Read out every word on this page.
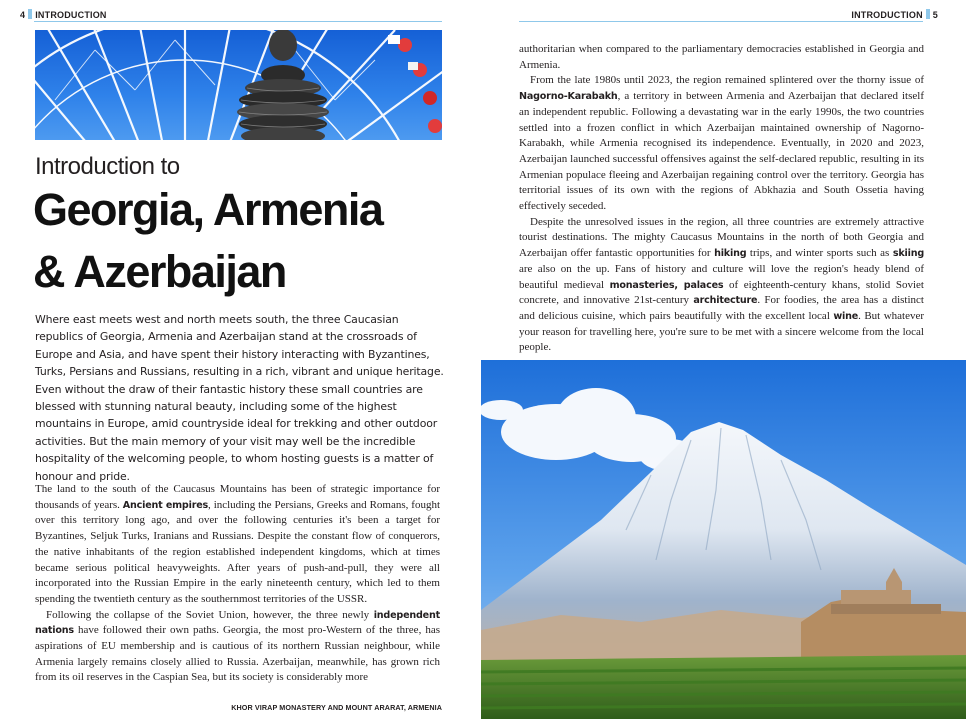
4 INTRODUCTION	INTRODUCTION 5
Introduction to
Georgia, Armenia
& Azerbaijan
Where east meets west and north meets south, the three Caucasian republics of Georgia, Armenia and Azerbaijan stand at the crossroads of Europe and Asia, and have spent their history interacting with Byzantines, Turks, Persians and Russians, resulting in a rich, vibrant and unique heritage. Even without the draw of their fantastic history these small countries are blessed with stunning natural beauty, including some of the highest mountains in Europe, amid countryside ideal for trekking and other outdoor activities. But the main memory of your visit may well be the incredible hospitality of the welcoming people, to whom hosting guests is a matter of honour and pride.

The land to the south of the Caucasus Mountains has been of strategic importance for thousands of years. Ancient empires, including the Persians, Greeks and Romans, fought over this territory long ago, and over the following centuries it's been a target for Byzantines, Seljuk Turks, Iranians and Russians. Despite the constant flow of conquerors, the native inhabitants of the region established independent kingdoms, which at times became serious political heavyweights. After years of push-and-pull, they were all incorporated into the Russian Empire in the early nineteenth century, which led to them spending the twentieth century as the southernmost territories of the USSR.

Following the collapse of the Soviet Union, however, the three newly independent nations have followed their own paths. Georgia, the most pro-Western of the three, has aspirations of EU membership and is cautious of its northern Russian neighbour, while Armenia largely remains closely allied to Russia. Azerbaijan, meanwhile, has grown rich from its oil reserves in the Caspian Sea, but its society is considerably more

authoritarian when compared to the parliamentary democracies established in Georgia and Armenia.

From the late 1980s until 2023, the region remained splintered over the thorny issue of Nagorno-Karabakh, a territory in between Armenia and Azerbaijan that declared itself an independent republic. Following a devastating war in the early 1990s, the two countries settled into a frozen conflict in which Azerbaijan maintained ownership of Nagorno-Karabakh, while Armenia recognised its independence. Eventually, in 2020 and 2023, Azerbaijan launched successful offensives against the self-declared republic, resulting in its Armenian populace fleeing and Azerbaijan regaining control over the territory. Georgia has territorial issues of its own with the regions of Abkhazia and South Ossetia having effectively seceded.

Despite the unresolved issues in the region, all three countries are extremely attractive tourist destinations. The mighty Caucasus Mountains in the north of both Georgia and Azerbaijan offer fantastic opportunities for hiking trips, and winter sports such as skiing are also on the up. Fans of history and culture will love the region's heady blend of beautiful medieval monasteries, palaces of eighteenth-century khans, stolid Soviet concrete, and innovative 21st-century architecture. For foodies, the area has a distinct and delicious cuisine, which pairs beautifully with the excellent local wine. But whatever your reason for travelling here, you're sure to be met with a sincere welcome from the local people.

KHOR VIRAP MONASTERY AND MOUNT ARARAT, ARMENIA
